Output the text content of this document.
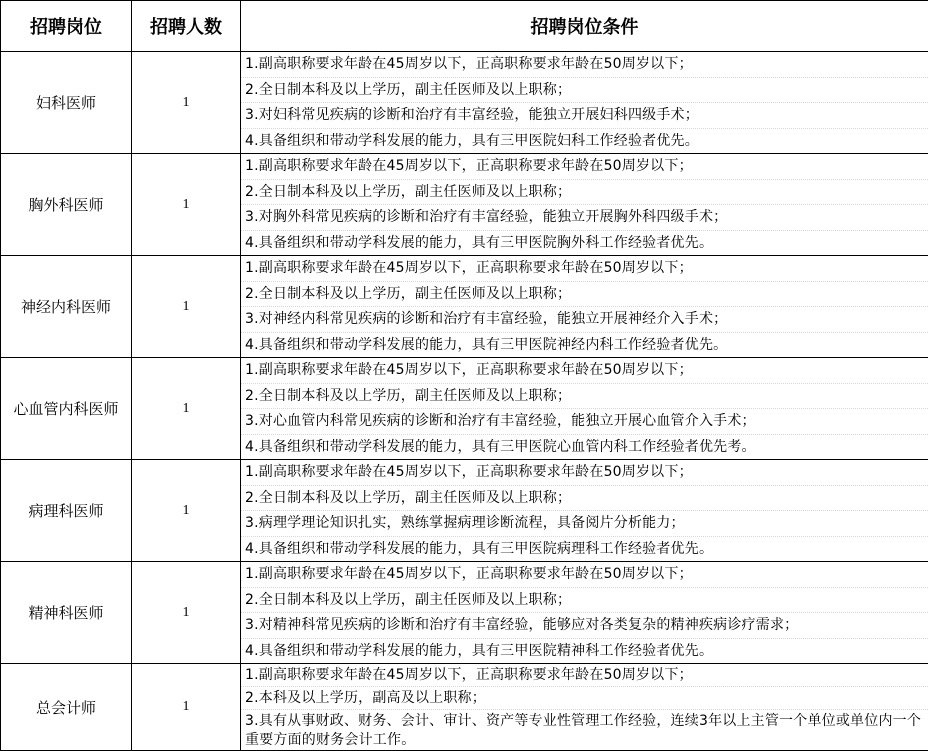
招聘岗位	招聘人数	招聘岗位条件
妇科医师	1	1.副高职称要求年龄在45周岁以下，正高职称要求年龄在50周岁以下；
2.全日制本科及以上学历，副主任医师及以上职称；
3.对妇科常见疾病的诊断和治疗有丰富经验，能独立开展妇科四级手术；
4.具备组织和带动学科发展的能力，具有三甲医院妇科工作经验者优先。

胸外科医师	1	1.副高职称要求年龄在45周岁以下，正高职称要求年龄在50周岁以下；
2.全日制本科及以上学历，副主任医师及以上职称；
3.对胸外科常见疾病的诊断和治疗有丰富经验，能独立开展胸外科四级手术；
4.具备组织和带动学科发展的能力，具有三甲医院胸外科工作经验者优先。

神经内科医师	1	1.副高职称要求年龄在45周岁以下，正高职称要求年龄在50周岁以下；
2.全日制本科及以上学历，副主任医师及以上职称；
3.对神经内科常见疾病的诊断和治疗有丰富经验，能独立开展神经介入手术；
4.具备组织和带动学科发展的能力，具有三甲医院神经内科工作经验者优先。

心血管内科医师	1	1.副高职称要求年龄在45周岁以下，正高职称要求年龄在50周岁以下；
2.全日制本科及以上学历，副主任医师及以上职称；
3.对心血管内科常见疾病的诊断和治疗有丰富经验，能独立开展心血管介入手术；
4.具备组织和带动学科发展的能力，具有三甲医院心血管内科工作经验者优先考。

病理科医师	1	1.副高职称要求年龄在45周岁以下，正高职称要求年龄在50周岁以下；
2.全日制本科及以上学历，副主任医师及以上职称；
3.病理学理论知识扎实，熟练掌握病理诊断流程，具备阅片分析能力；
4.具备组织和带动学科发展的能力，具有三甲医院病理科工作经验者优先。

精神科医师	1	1.副高职称要求年龄在45周岁以下，正高职称要求年龄在50周岁以下；
2.全日制本科及以上学历，副主任医师及以上职称；
3.对精神科常见疾病的诊断和治疗有丰富经验，能够应对各类复杂的精神疾病诊疗需求；
4.具备组织和带动学科发展的能力，具有三甲医院精神科工作经验者优先。

总会计师	1	1.副高职称要求年龄在45周岁以下，正高职称要求年龄在50周岁以下；
2.本科及以上学历，副高及以上职称；
3.具有从事财政、财务、会计、审计、资产等专业性管理工作经验，连续3年以上主管一个单位或单位内一个重要方面的财务会计工作。
